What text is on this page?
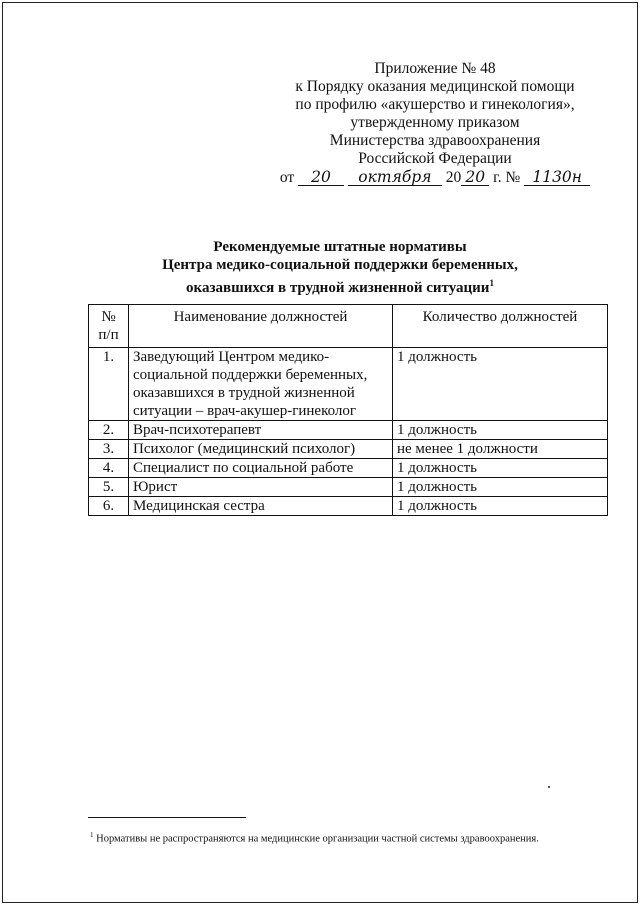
Приложение № 48
к Порядку оказания медицинской помощи
по профилю «акушерство и гинекология»,
утвержденному приказом
Министерства здравоохранения
Российской Федерации
от 20 октября 20 20 г. № 1130н
Рекомендуемые штатные нормативы
Центра медико-социальной поддержки беременных,
оказавшихся в трудной жизненной ситуации$^1$
№
п/п	Наименование должностей	Количество должностей
1.	Заведующий Центром медико-социальной поддержки беременных, оказавшихся в трудной жизненной ситуации – врач-акушер-гинеколог	1 должность
2.	Врач-психотерапевт	1 должность
3.	Психолог (медицинский психолог)	не менее 1 должности
4.	Специалист по социальной работе	1 должность
5.	Юрист	1 должность
6.	Медицинская сестра	1 должность
$^1$ Нормативы не распространяются на медицинские организации частной системы здравоохранения.
